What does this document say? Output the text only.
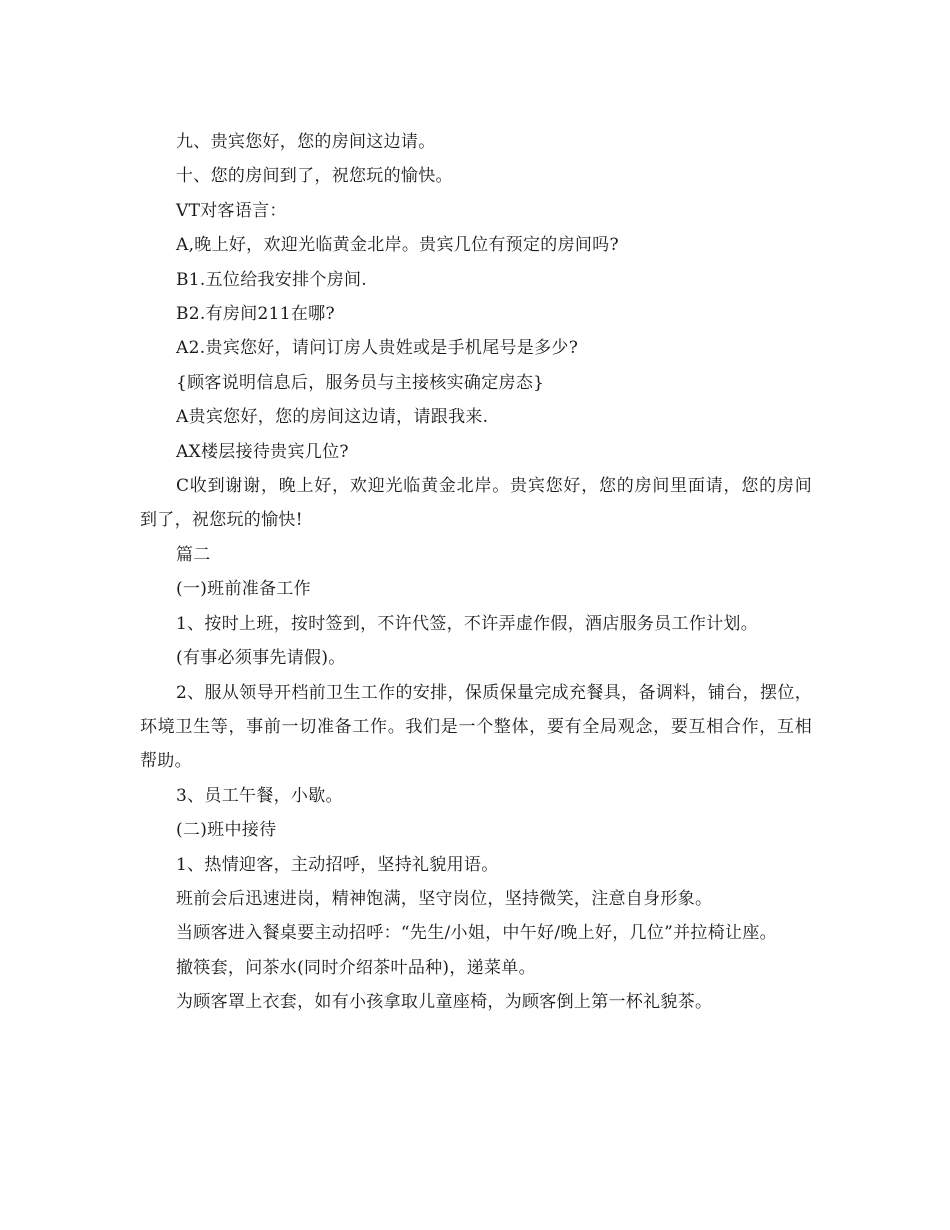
九、贵宾您好，您的房间这边请。

十、您的房间到了，祝您玩的愉快。

VT对客语言：

A,晚上好，欢迎光临黄金北岸。贵宾几位有预定的房间吗?

B1.五位给我安排个房间.

B2.有房间211在哪?

A2.贵宾您好，请问订房人贵姓或是手机尾号是多少?

{顾客说明信息后，服务员与主接核实确定房态}

A贵宾您好，您的房间这边请，请跟我来.

AX楼层接待贵宾几位?

C收到谢谢，晚上好，欢迎光临黄金北岸。贵宾您好，您的房间里面请，您的房间到了，祝您玩的愉快!

篇二

(一)班前准备工作

1、按时上班，按时签到，不许代签，不许弄虚作假，酒店服务员工作计划。

(有事必须事先请假)。

2、服从领导开档前卫生工作的安排，保质保量完成充餐具，备调料，铺台，摆位，环境卫生等，事前一切准备工作。我们是一个整体，要有全局观念，要互相合作，互相帮助。

3、员工午餐，小歇。

(二)班中接待

1、热情迎客，主动招呼，坚持礼貌用语。

班前会后迅速进岗，精神饱满，坚守岗位，坚持微笑，注意自身形象。

当顾客进入餐桌要主动招呼：“先生/小姐，中午好/晚上好，几位”并拉椅让座。

撤筷套，问茶水(同时介绍茶叶品种)，递菜单。

为顾客罩上衣套，如有小孩拿取儿童座椅，为顾客倒上第一杯礼貌茶。
